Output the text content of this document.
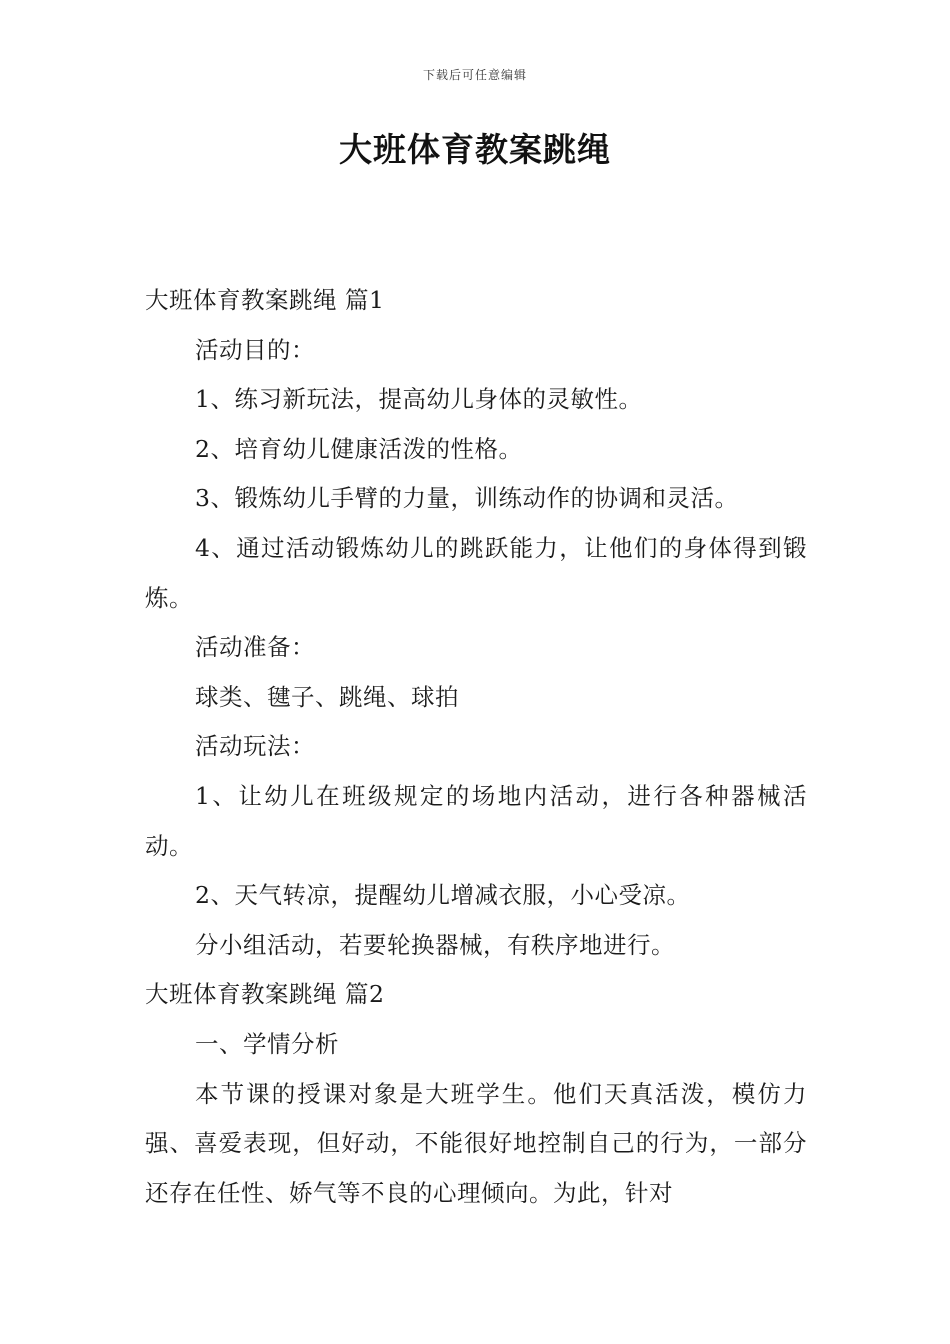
下载后可任意编辑
大班体育教案跳绳

大班体育教案跳绳 篇1

活动目的：

1、练习新玩法，提高幼儿身体的灵敏性。

2、培育幼儿健康活泼的性格。

3、锻炼幼儿手臂的力量，训练动作的协调和灵活。

4、通过活动锻炼幼儿的跳跃能力，让他们的身体得到锻炼。

活动准备：

球类、毽子、跳绳、球拍

活动玩法：

1、让幼儿在班级规定的场地内活动，进行各种器械活动。

2、天气转凉，提醒幼儿增减衣服，小心受凉。

分小组活动，若要轮换器械，有秩序地进行。

大班体育教案跳绳 篇2

一、学情分析

本节课的授课对象是大班学生。他们天真活泼，模仿力强、喜爱表现，但好动，不能很好地控制自己的行为，一部分还存在任性、娇气等不良的心理倾向。为此，针对
